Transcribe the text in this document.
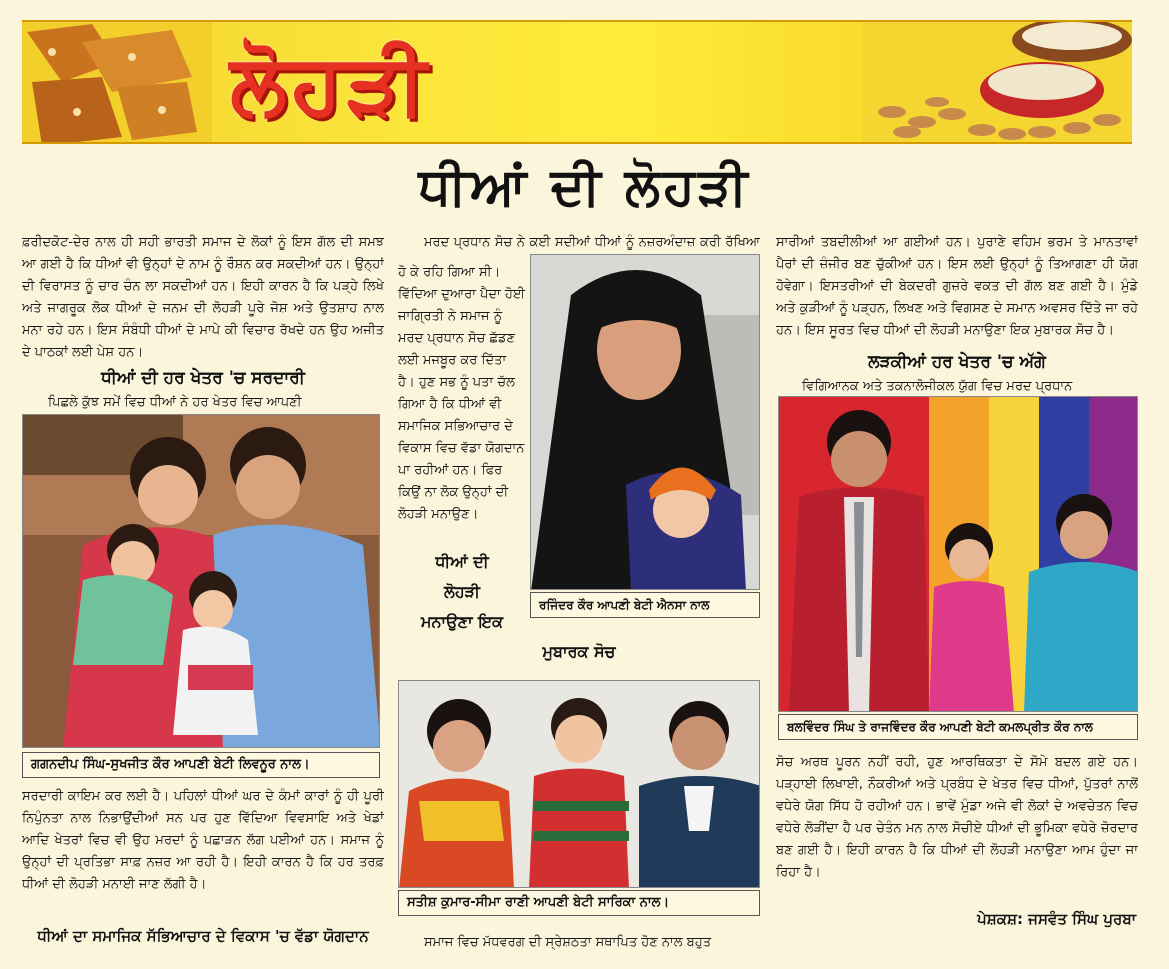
ਲੋਹੜੀ
ਧੀਆਂ ਦੀ ਲੋਹੜੀ
ਫ਼ਰੀਦਕੋਟ-ਦੇਰ ਨਾਲ ਹੀ ਸਹੀ ਭਾਰਤੀ ਸਮਾਜ ਦੇ ਲੋਕਾਂ ਨੂੰ ਇਸ ਗੱਲ ਦੀ ਸਮਝ ਆ ਗਈ ਹੈ ਕਿ ਧੀਆਂ ਵੀ ਉਨ੍ਹਾਂ ਦੇ ਨਾਮ ਨੂੰ ਰੌਸ਼ਨ ਕਰ ਸਕਦੀਆਂ ਹਨ। ਉਨ੍ਹਾਂ ਦੀ ਵਿਰਾਸਤ ਨੂੰ ਚਾਰ ਚੰਨ ਲਾ ਸਕਦੀਆਂ ਹਨ। ਇਹੀ ਕਾਰਨ ਹੈ ਕਿ ਪੜ੍ਹੇ ਲਿਖੇ ਅਤੇ ਜਾਗਰੂਕ ਲੋਕ ਧੀਆਂ ਦੇ ਜਨਮ ਦੀ ਲੋਹੜੀ ਪੂਰੇ ਜੋਸ਼ ਅਤੇ ਉਤਸ਼ਾਹ ਨਾਲ ਮਨਾ ਰਹੇ ਹਨ। ਇਸ ਸੰਬੰਧੀ ਧੀਆਂ ਦੇ ਮਾਪੇ ਕੀ ਵਿਚਾਰ ਰੱਖਦੇ ਹਨ ਉਹ ਅਜੀਤ ਦੇ ਪਾਠਕਾਂ ਲਈ ਪੇਸ਼ ਹਨ।
ਧੀਆਂ ਦੀ ਹਰ ਖੇਤਰ 'ਚ ਸਰਦਾਰੀ
ਪਿਛਲੇ ਕੁੱਝ ਸਮੇਂ ਵਿਚ ਧੀਆਂ ਨੇ ਹਰ ਖੇਤਰ ਵਿਚ ਆਪਣੀ
ਗਗਨਦੀਪ ਸਿੰਘ-ਸੁਖਜੀਤ ਕੌਰ ਆਪਣੀ ਬੇਟੀ ਲਿਵਨੂਰ ਨਾਲ।
ਸਰਦਾਰੀ ਕਾਇਮ ਕਰ ਲਈ ਹੈ। ਪਹਿਲਾਂ ਧੀਆਂ ਘਰ ਦੇ ਕੰਮਾਂ ਕਾਰਾਂ ਨੂੰ ਹੀ ਪੂਰੀ ਨਿਪੁੰਨਤਾ ਨਾਲ ਨਿਭਾਉਂਦੀਆਂ ਸਨ ਪਰ ਹੁਣ ਵਿੱਦਿਆ ਵਿਵਸਾਇ ਅਤੇ ਖੇਡਾਂ ਆਦਿ ਖੇਤਰਾਂ ਵਿਚ ਵੀ ਉਹ ਮਰਦਾਂ ਨੂੰ ਪਛਾੜਨ ਲੱਗ ਪਈਆਂ ਹਨ। ਸਮਾਜ ਨੂੰ ਉਨ੍ਹਾਂ ਦੀ ਪ੍ਰਤਿਭਾ ਸਾਫ਼ ਨਜ਼ਰ ਆ ਰਹੀ ਹੈ। ਇਹੀ ਕਾਰਨ ਹੈ ਕਿ ਹਰ ਤਰਫ਼ ਧੀਆਂ ਦੀ ਲੋਹੜੀ ਮਨਾਈ ਜਾਣ ਲੱਗੀ ਹੈ।
ਧੀਆਂ ਦਾ ਸਮਾਜਿਕ ਸੱਭਿਆਚਾਰ ਦੇ ਵਿਕਾਸ 'ਚ ਵੱਡਾ ਯੋਗਦਾਨ
ਮਰਦ ਪ੍ਰਧਾਨ ਸੋਚ ਨੇ ਕਈ ਸਦੀਆਂ ਧੀਆਂ ਨੂੰ ਨਜ਼ਰਅੰਦਾਜ਼ ਕਰੀ ਰੱਖਿਆ
ਹੋ ਕੇ ਰਹਿ ਗਿਆ ਸੀ। ਵਿੱਦਿਆ ਦੁਆਰਾ ਪੈਦਾ ਹੋਈ ਜਾਗ੍ਰਿਤੀ ਨੇ ਸਮਾਜ ਨੂੰ ਮਰਦ ਪ੍ਰਧਾਨ ਸੋਚ ਛੱਡਣ ਲਈ ਮਜਬੂਰ ਕਰ ਦਿੱਤਾ ਹੈ। ਹੁਣ ਸਭ ਨੂੰ ਪਤਾ ਚੱਲ ਗਿਆ ਹੈ ਕਿ ਧੀਆਂ ਵੀ ਸਮਾਜਿਕ ਸਭਿਆਚਾਰ ਦੇ ਵਿਕਾਸ ਵਿਚ ਵੱਡਾ ਯੋਗਦਾਨ ਪਾ ਰਹੀਆਂ ਹਨ। ਫਿਰ ਕਿਉਂ ਨਾ ਲੋਕ ਉਨ੍ਹਾਂ ਦੀ ਲੋਹੜੀ ਮਨਾਉਣ।
ਰਜਿੰਦਰ ਕੌਰ ਆਪਣੀ ਬੇਟੀ ਐਨਸਾ ਨਾਲ
ਧੀਆਂ ਦੀ
ਲੋਹੜੀ
ਮਨਾਉਣਾ ਇਕ
ਮੁਬਾਰਕ ਸੋਚ
ਸਤੀਸ਼ ਕੁਮਾਰ-ਸੀਮਾ ਰਾਣੀ ਆਪਣੀ ਬੇਟੀ ਸਾਰਿਕਾ ਨਾਲ।
ਸਮਾਜ ਵਿਚ ਮੱਧਵਰਗ ਦੀ ਸ੍ਰੇਸ਼ਠਤਾ ਸਥਾਪਿਤ ਹੋਣ ਨਾਲ ਬਹੁਤ
ਸਾਰੀਆਂ ਤਬਦੀਲੀਆਂ ਆ ਗਈਆਂ ਹਨ। ਪੁਰਾਣੇ ਵਹਿਮ ਭਰਮ ਤੇ ਮਾਨਤਾਵਾਂ ਪੈਰਾਂ ਦੀ ਜ਼ੰਜੀਰ ਬਣ ਚੁੱਕੀਆਂ ਹਨ। ਇਸ ਲਈ ਉਨ੍ਹਾਂ ਨੂੰ ਤਿਆਗਣਾ ਹੀ ਯੋਗ ਹੋਵੇਗਾ। ਇਸਤਰੀਆਂ ਦੀ ਬੇਕਦਰੀ ਗੁਜ਼ਰੇ ਵਕਤ ਦੀ ਗੱਲ ਬਣ ਗਈ ਹੈ। ਮੁੰਡੇ ਅਤੇ ਕੁੜੀਆਂ ਨੂੰ ਪੜ੍ਹਨ, ਲਿਖਣ ਅਤੇ ਵਿਗਸਣ ਦੇ ਸਮਾਨ ਅਵਸਰ ਦਿੱਤੇ ਜਾ ਰਹੇ ਹਨ। ਇਸ ਸੂਰਤ ਵਿਚ ਧੀਆਂ ਦੀ ਲੋਹੜੀ ਮਨਾਉਣਾ ਇਕ ਮੁਬਾਰਕ ਸੋਚ ਹੈ।
ਲੜਕੀਆਂ ਹਰ ਖੇਤਰ 'ਚ ਅੱਗੇ
ਵਿਗਿਆਨਕ ਅਤੇ ਤਕਨਾਲੋਜੀਕਲ ਯੁੱਗ ਵਿਚ ਮਰਦ ਪ੍ਰਧਾਨ
ਬਲਵਿੰਦਰ ਸਿੰਘ ਤੇ ਰਾਜਵਿੰਦਰ ਕੌਰ ਆਪਣੀ ਬੇਟੀ ਕਮਲਪ੍ਰੀਤ ਕੌਰ ਨਾਲ
ਸੋਚ ਅਰਥ ਪੂਰਨ ਨਹੀਂ ਰਹੀ, ਹੁਣ ਆਰਥਿਕਤਾ ਦੇ ਸੋਮੇ ਬਦਲ ਗਏ ਹਨ। ਪੜ੍ਹਾਈ ਲਿਖਾਈ, ਨੌਕਰੀਆਂ ਅਤੇ ਪ੍ਰਬੰਧ ਦੇ ਖੇਤਰ ਵਿਚ ਧੀਆਂ, ਪੁੱਤਰਾਂ ਨਾਲੋਂ ਵਧੇਰੇ ਯੋਗ ਸਿੱਧ ਹੋ ਰਹੀਆਂ ਹਨ। ਭਾਵੇਂ ਮੁੰਡਾ ਅਜੇ ਵੀ ਲੋਕਾਂ ਦੇ ਅਵਚੇਤਨ ਵਿਚ ਵਧੇਰੇ ਲੋੜੀਂਦਾ ਹੈ ਪਰ ਚੇਤੰਨ ਮਨ ਨਾਲ ਸੋਚੀਏ ਧੀਆਂ ਦੀ ਭੂਮਿਕਾ ਵਧੇਰੇ ਜ਼ੋਰਦਾਰ ਬਣ ਗਈ ਹੈ। ਇਹੀ ਕਾਰਨ ਹੈ ਕਿ ਧੀਆਂ ਦੀ ਲੋਹੜੀ ਮਨਾਉਣਾ ਆਮ ਹੁੰਦਾ ਜਾ ਰਿਹਾ ਹੈ।
ਪੇਸ਼ਕਸ਼: ਜਸਵੰਤ ਸਿੰਘ ਪੁਰਬਾ
